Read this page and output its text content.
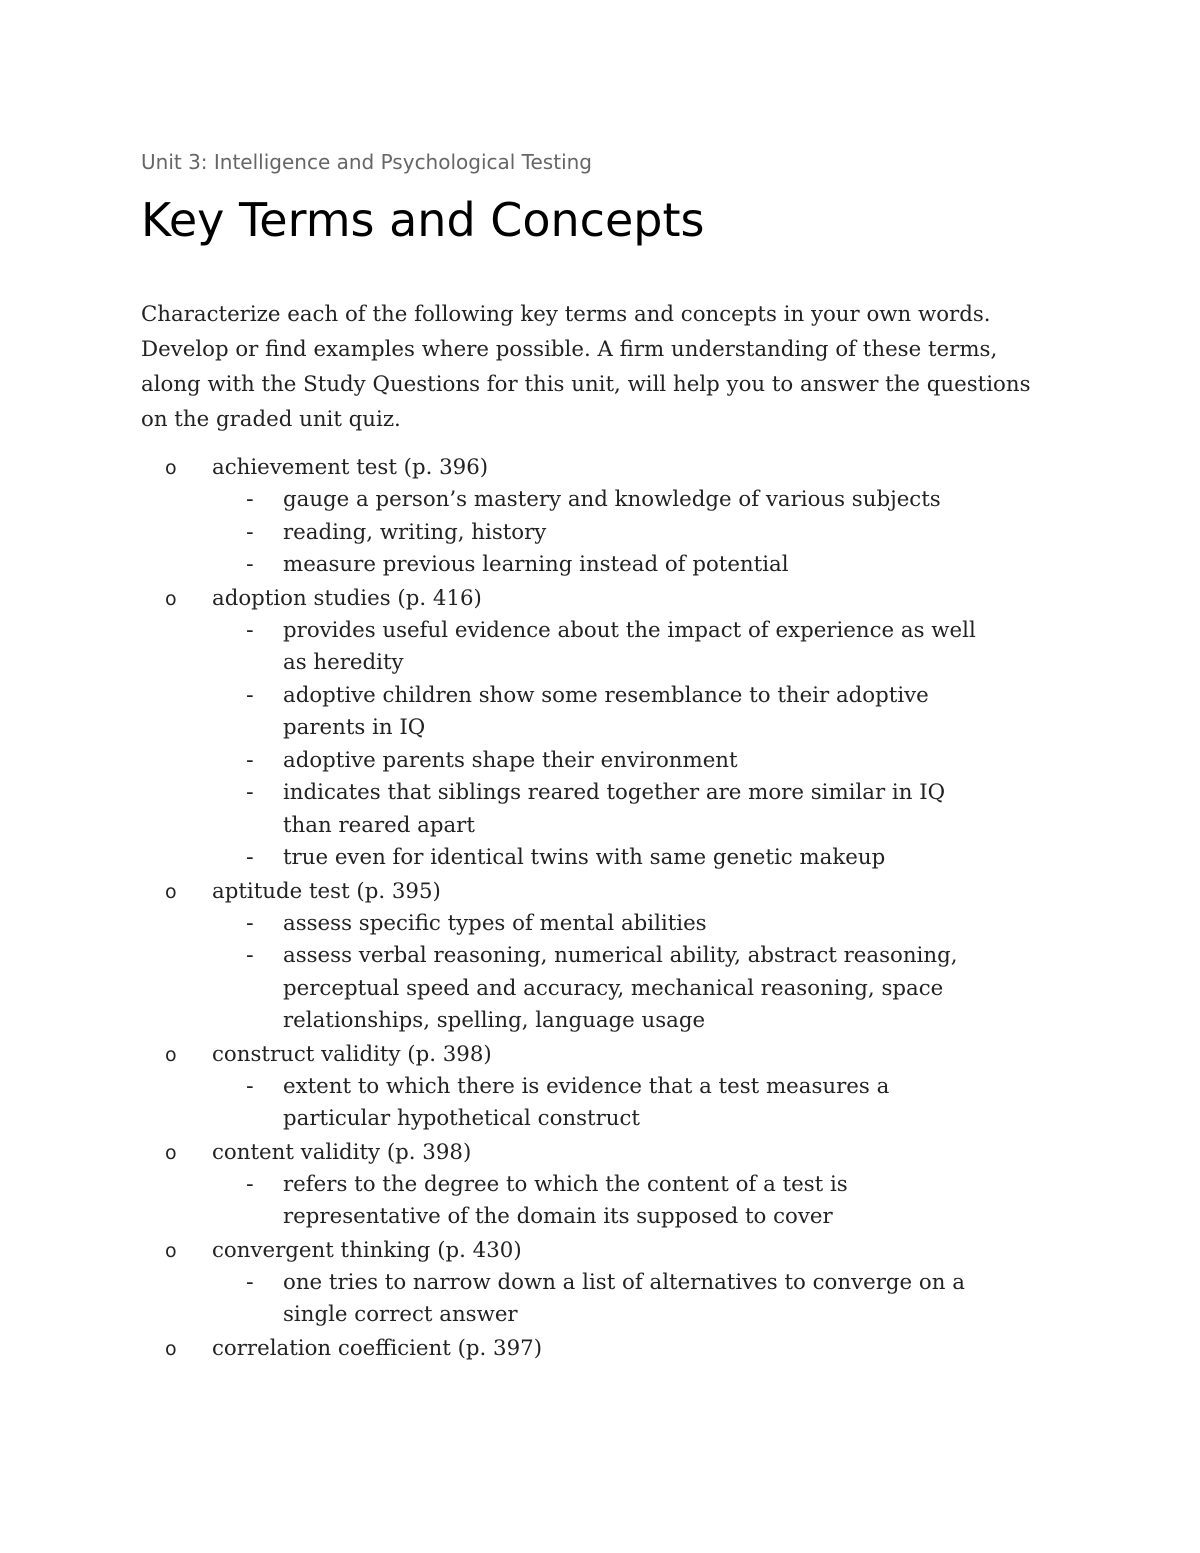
Unit 3: Intelligence and Psychological Testing
Key Terms and Concepts

Characterize each of the following key terms and concepts in your own words.
Develop or find examples where possible. A firm understanding of these terms,
along with the Study Questions for this unit, will help you to answer the questions
on the graded unit quiz.

o achievement test (p. 396)
- gauge a person’s mastery and knowledge of various subjects
- reading, writing, history
- measure previous learning instead of potential
o adoption studies (p. 416)
- provides useful evidence about the impact of experience as well
as heredity
- adoptive children show some resemblance to their adoptive
parents in IQ
- adoptive parents shape their environment
- indicates that siblings reared together are more similar in IQ
than reared apart
- true even for identical twins with same genetic makeup
o aptitude test (p. 395)
- assess specific types of mental abilities
- assess verbal reasoning, numerical ability, abstract reasoning,
perceptual speed and accuracy, mechanical reasoning, space
relationships, spelling, language usage
o construct validity (p. 398)
- extent to which there is evidence that a test measures a
particular hypothetical construct
o content validity (p. 398)
- refers to the degree to which the content of a test is
representative of the domain its supposed to cover
o convergent thinking (p. 430)
- one tries to narrow down a list of alternatives to converge on a
single correct answer
o correlation coefficient (p. 397)
